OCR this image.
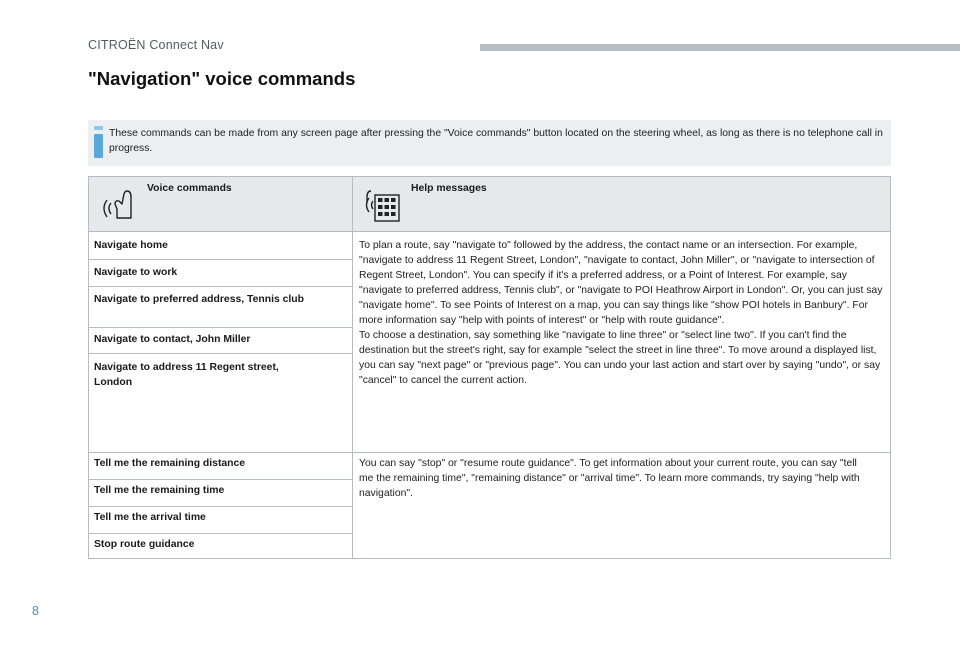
CITROËN Connect Nav
"Navigation" voice commands
These commands can be made from any screen page after pressing the "Voice commands" button located on the steering wheel, as long as there is no telephone call in progress.
Voice commands	Help messages
Navigate home
Navigate to work
Navigate to preferred address, Tennis club
Navigate to contact, John Miller
Navigate to address 11 Regent street, London
To plan a route, say "navigate to" followed by the address, the contact name or an intersection. For example, "navigate to address 11 Regent Street, London", "navigate to contact, John Miller", or "navigate to intersection of Regent Street, London". You can specify if it's a preferred address, or a Point of Interest. For example, say "navigate to preferred address, Tennis club", or "navigate to POI Heathrow Airport in London". Or, you can just say "navigate home". To see Points of Interest on a map, you can say things like "show POI hotels in Banbury". For more information say "help with points of interest" or "help with route guidance".
To choose a destination, say something like "navigate to line three" or "select line two". If you can't find the destination but the street's right, say for example "select the street in line three". To move around a displayed list, you can say "next page" or "previous page". You can undo your last action and start over by saying "undo", or say "cancel" to cancel the current action.
Tell me the remaining distance
Tell me the remaining time
Tell me the arrival time
Stop route guidance
You can say "stop" or "resume route guidance". To get information about your current route, you can say "tell me the remaining time", "remaining distance" or "arrival time". To learn more commands, try saying "help with navigation".
8
